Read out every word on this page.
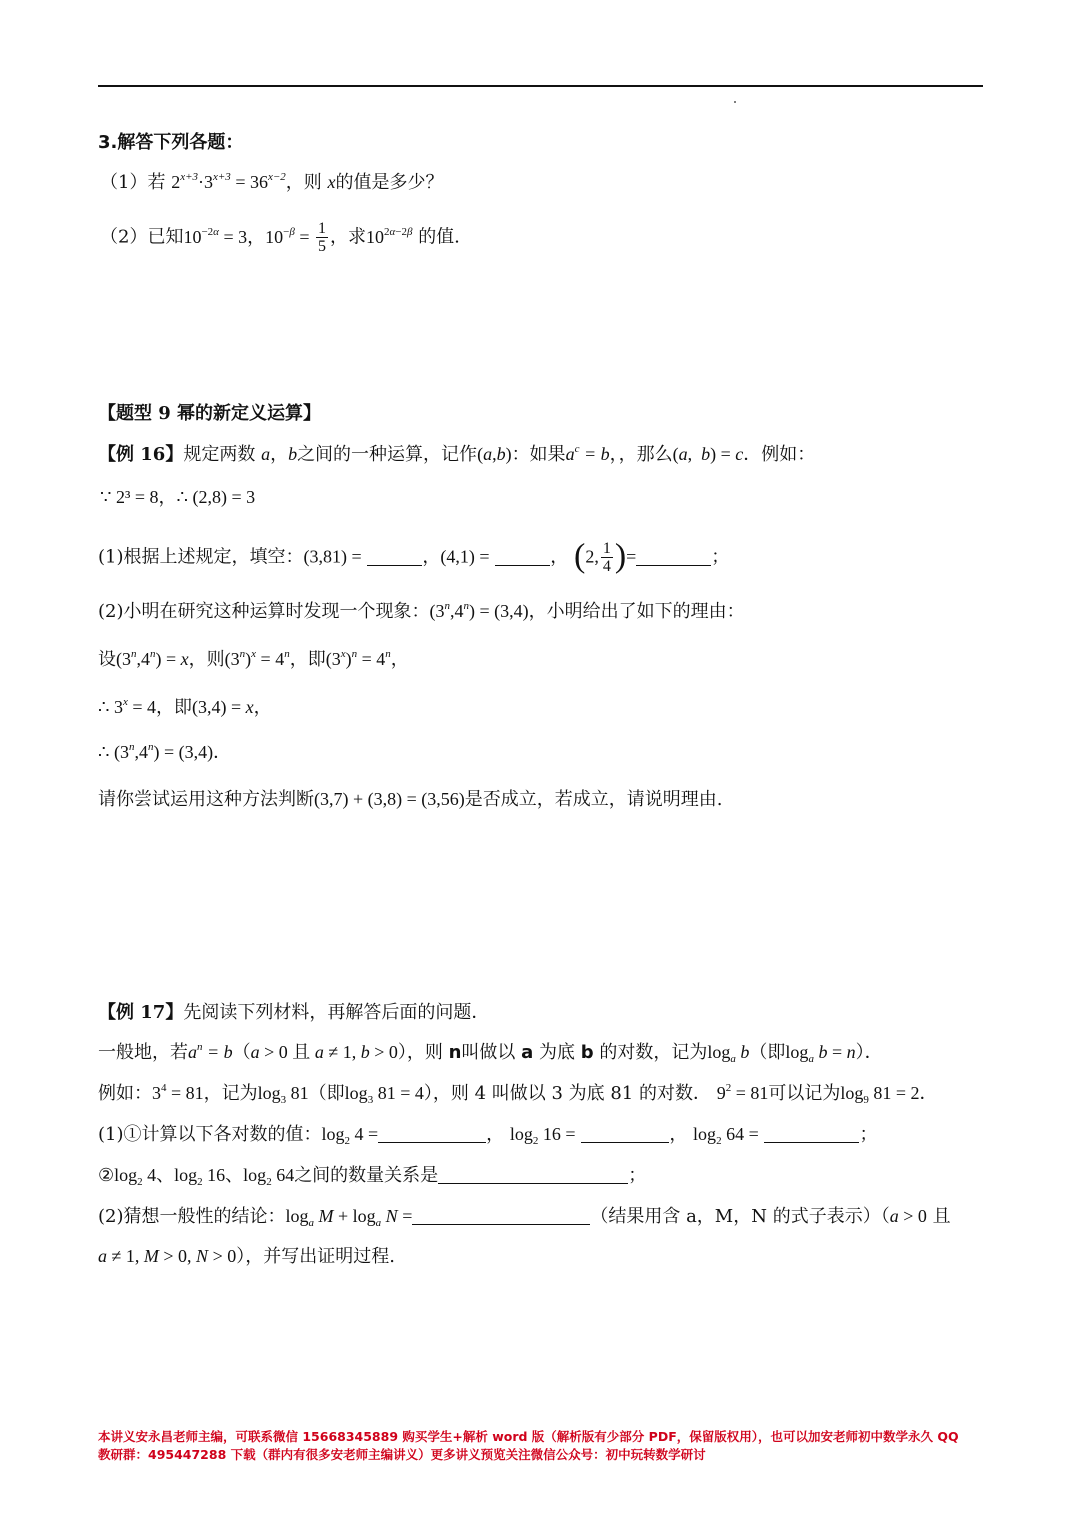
3.解答下列各题：
（1）若 $2^{x+3}\cdot 3^{x+3} = 36^{x-2}$，则 x的值是多少？
（2）已知$10^{-2\alpha} = 3$，$10^{-\beta} = \frac{1}{5}$ ，求$10^{2\alpha-2\beta}$ 的值.
【题型 9 幂的新定义运算】
【例 16】规定两数 a，b之间的一种运算，记作(a,b)：如果$a^c = b$，，那么(a,  b) = c．例如：
∵ 2³ = 8，∴ (2,8) = 3
(1)根据上述规定，填空：(3,81) =	，(4,1) =	， (2, $\frac{1}{4}$ )=	；
(2)小明在研究这种运算时发现一个现象：$(3^n,4^n) = (3,4)$，小明给出了如下的理由：
设$(3^n,4^n) = x$，则$(3^n)^x = 4^n$，即$(3^x)^n = 4^n$，
∴ $3^x = 4$，即(3,4) = x，
∴ $(3^n,4^n) = (3,4)$．
请你尝试运用这种方法判断(3,7) + (3,8) = (3,56)是否成立，若成立，请说明理由.
【例 17】先阅读下列材料，再解答后面的问题．
一般地，若$a^n = b(a > 0$ 且 a ≠ 1, b > 0），则 n叫做以 a 为底 b 的对数，记为$\log_a b$（即$\log_a b = n$）．
例如：$3^4 = 81$，记为$\log_3 81$（即$\log_3 81 = 4$），则 4 叫做以 3 为底 81 的对数． $9^2 = 81$可以记为$\log_9 81 = 2$．
(1)①计算以下各对数的值：$\log_2 4$ =	， $\log_2 16$ =	， $\log_2 64$ =	；
$②\log_2$ 4、$\log_2 16$、$\log_2 64$之间的数量关系是	；
(2)猜想一般性的结论：$\log_a M + \log_a N$ =	（结果用含 a，M，N 的式子表示）（a > 0 且
a ≠ 1, M > 0, N > 0），并写出证明过程.
本讲义安永昌老师主编，可联系微信 15668345889 购买学生+解析 word 版（解析版有少部分 PDF，保留版权用），也可以加安老师初中数学永久 QQ
教研群：495447288 下载（群内有很多安老师主编讲义）更多讲义预览关注微信公众号：初中玩转数学研讨
